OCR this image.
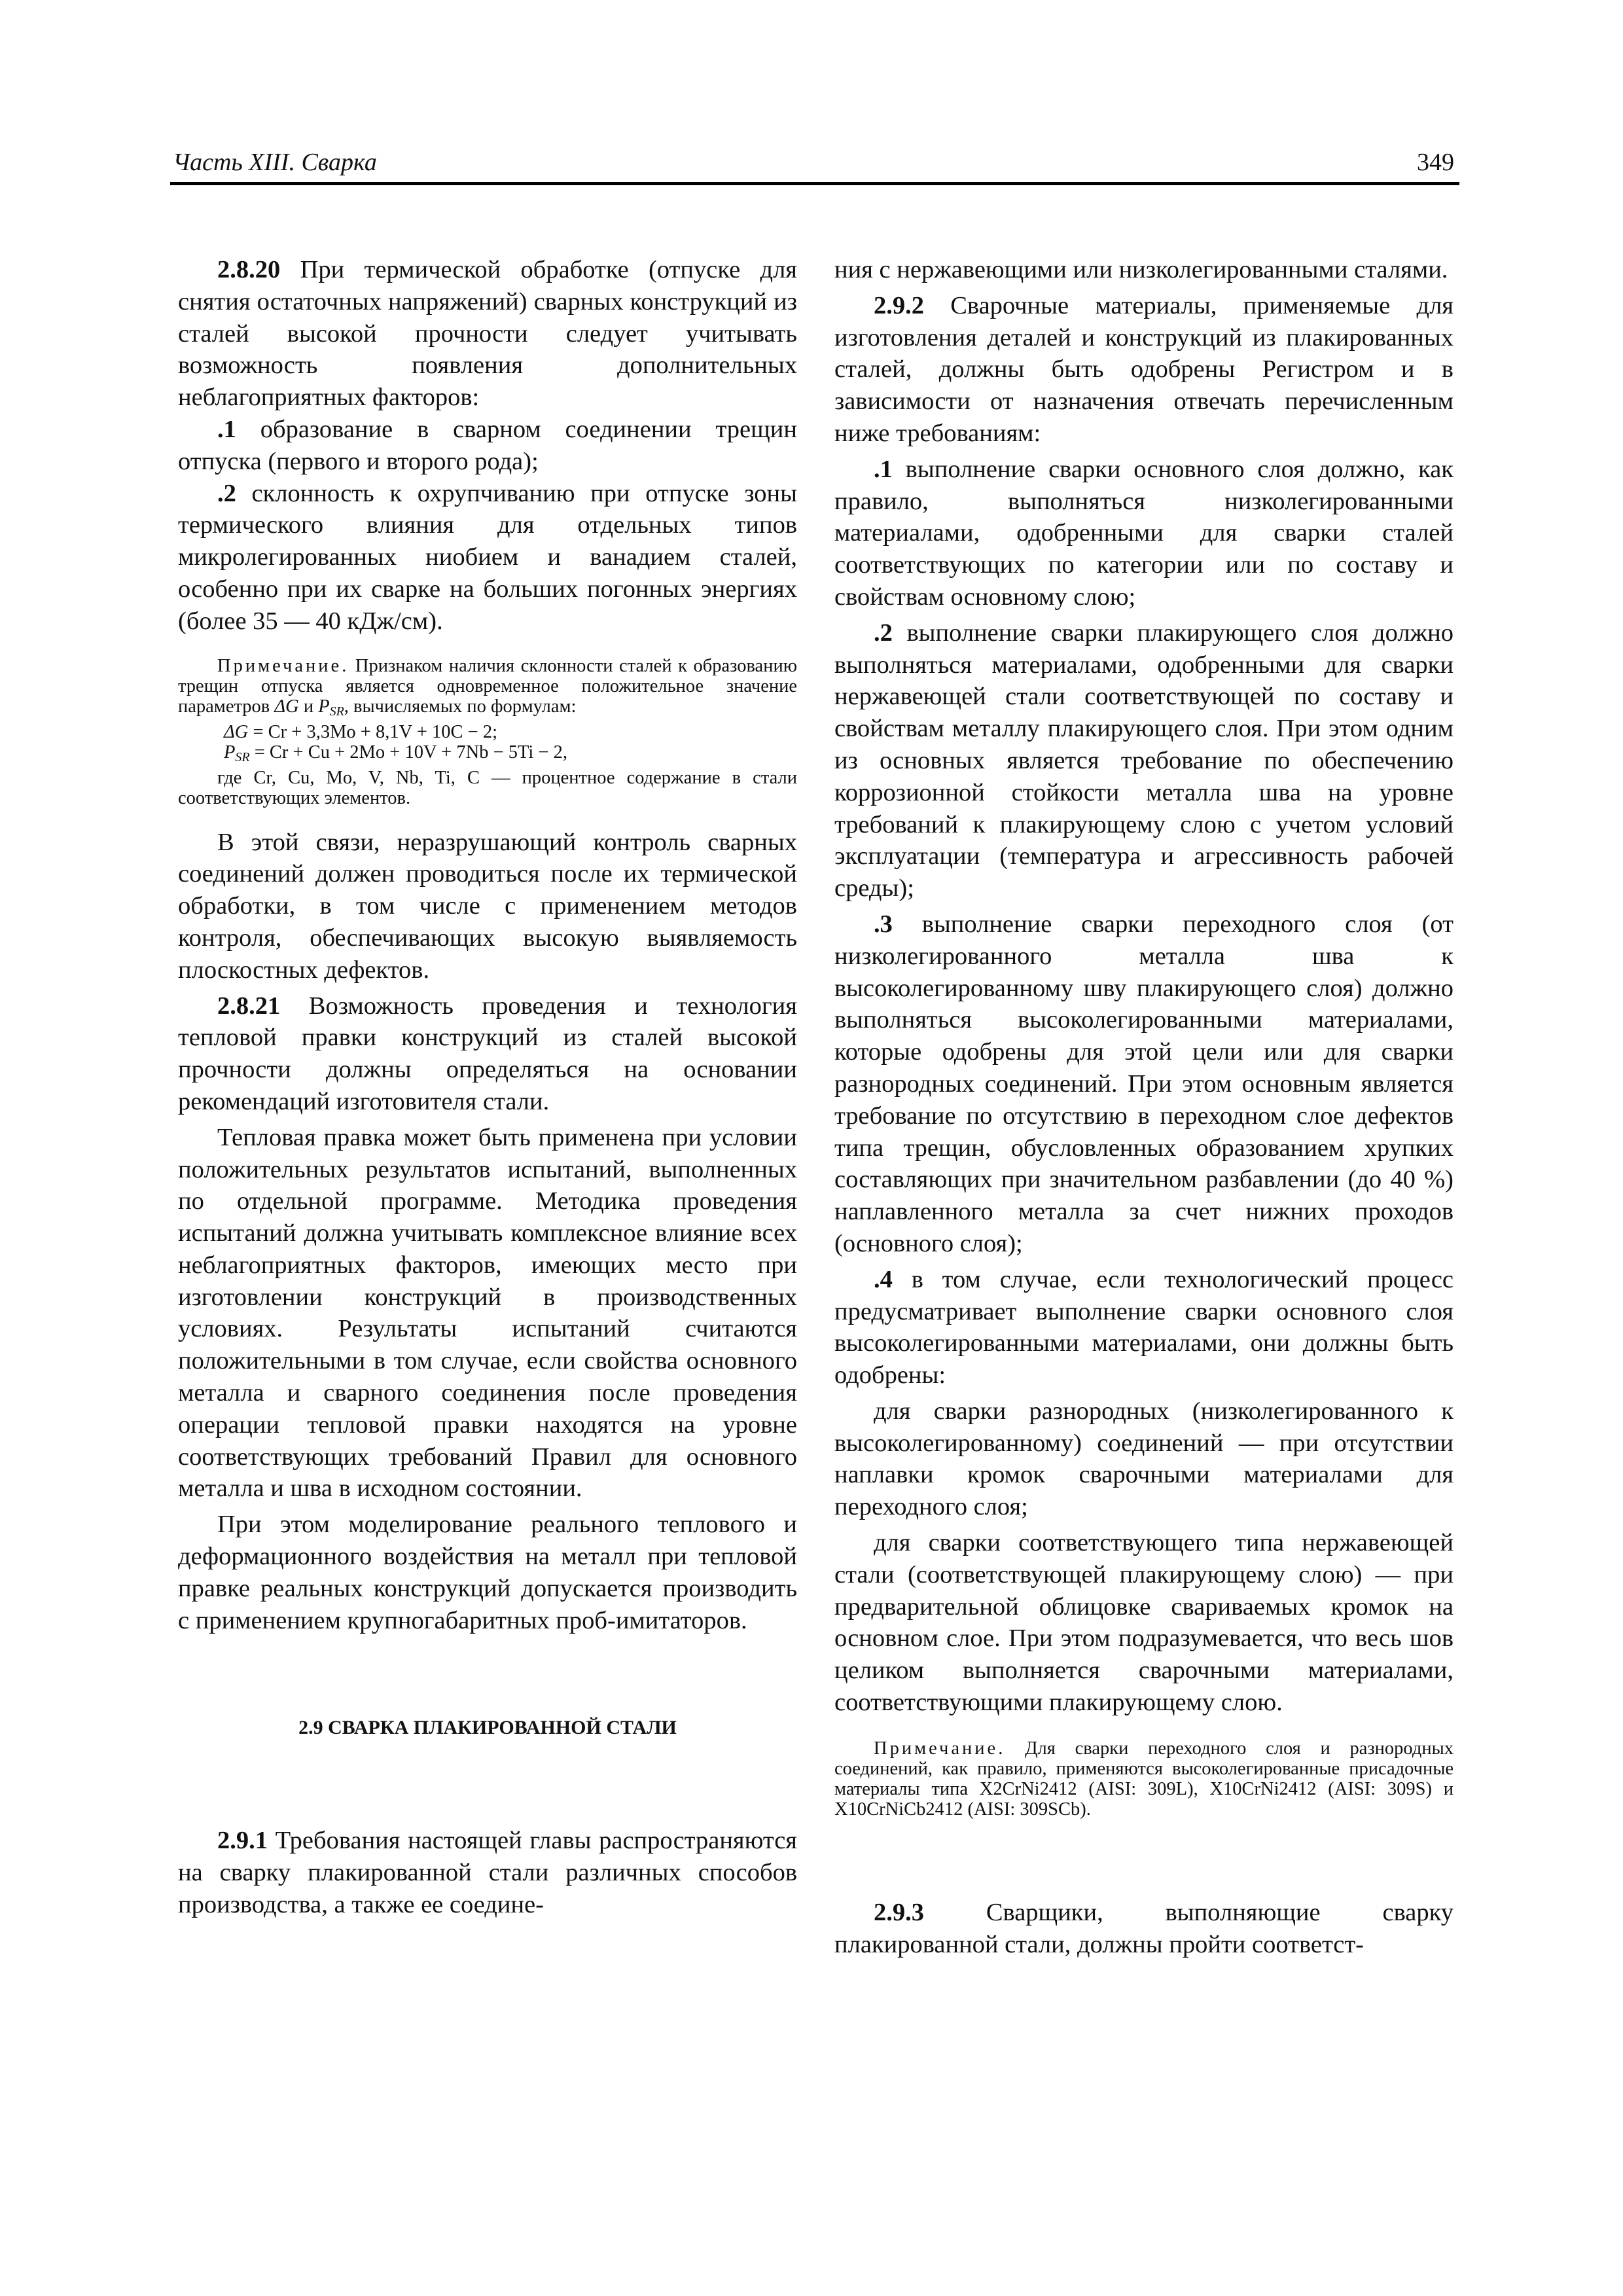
Часть XIII. Сварка	349

2.8.20 При термической обработке (отпуске для снятия остаточных напряжений) сварных конструкций из сталей высокой прочности следует учитывать возможность появления дополнительных неблагоприятных факторов:

.1 образование в сварном соединении трещин отпуска (первого и второго рода);

.2 склонность к охрупчиванию при отпуске зоны термического влияния для отдельных типов микролегированных ниобием и ванадием сталей, особенно при их сварке на больших погонных энергиях (более 35 — 40 кДж/см).

Примечание. Признаком наличия склонности сталей к образованию трещин отпуска является одновременное положительное значение параметров ΔG и $P_{SR}$, вычисляемых по формулам:

ΔG = Cr + 3,3Mo + 8,1V + 10C − 2;
$P_{SR} = Cr + Cu + 2Mo + 10V + 7Nb - 5Ti - 2$,

где Cr, Cu, Mo, V, Nb, Ti, C — процентное содержание в стали соответствующих элементов.

В этой связи, неразрушающий контроль сварных соединений должен проводиться после их термической обработки, в том числе с применением методов контроля, обеспечивающих высокую выявляемость плоскостных дефектов.

2.8.21 Возможность проведения и технология тепловой правки конструкций из сталей высокой прочности должны определяться на основании рекомендаций изготовителя стали.

Тепловая правка может быть применена при условии положительных результатов испытаний, выполненных по отдельной программе. Методика проведения испытаний должна учитывать комплексное влияние всех неблагоприятных факторов, имеющих место при изготовлении конструкций в производственных условиях. Результаты испытаний считаются положительными в том случае, если свойства основного металла и сварного соединения после проведения операции тепловой правки находятся на уровне соответствующих требований Правил для основного металла и шва в исходном состоянии.

При этом моделирование реального теплового и деформационного воздействия на металл при тепловой правке реальных конструкций допускается производить с применением крупногабаритных проб-имитаторов.

2.9 СВАРКА ПЛАКИРОВАННОЙ СТАЛИ

2.9.1 Требования настоящей главы распространяются на сварку плакированной стали различных способов производства, а также ее соедине-

ния с нержавеющими или низколегированными сталями.

2.9.2 Сварочные материалы, применяемые для изготовления деталей и конструкций из плакированных сталей, должны быть одобрены Регистром и в зависимости от назначения отвечать перечисленным ниже требованиям:

.1 выполнение сварки основного слоя должно, как правило, выполняться низколегированными материалами, одобренными для сварки сталей соответствующих по категории или по составу и свойствам основному слою;

.2 выполнение сварки плакирующего слоя должно выполняться материалами, одобренными для сварки нержавеющей стали соответствующей по составу и свойствам металлу плакирующего слоя. При этом одним из основных является требование по обеспечению коррозионной стойкости металла шва на уровне требований к плакирующему слою с учетом условий эксплуатации (температура и агрессивность рабочей среды);

.3 выполнение сварки переходного слоя (от низколегированного металла шва к высоколегированному шву плакирующего слоя) должно выполняться высоколегированными материалами, которые одобрены для этой цели или для сварки разнородных соединений. При этом основным является требование по отсутствию в переходном слое дефектов типа трещин, обусловленных образованием хрупких составляющих при значительном разбавлении (до 40 %) наплавленного металла за счет нижних проходов (основного слоя);

.4 в том случае, если технологический процесс предусматривает выполнение сварки основного слоя высоколегированными материалами, они должны быть одобрены:

для сварки разнородных (низколегированного к высоколегированному) соединений — при отсутствии наплавки кромок сварочными материалами для переходного слоя;

для сварки соответствующего типа нержавеющей стали (соответствующей плакирующему слою) — при предварительной облицовке свариваемых кромок на основном слое. При этом подразумевается, что весь шов целиком выполняется сварочными материалами, соответствующими плакирующему слою.

Примечание. Для сварки переходного слоя и разнородных соединений, как правило, применяются высоколегированные присадочные материалы типа X2CrNi2412 (AISI: 309L), X10CrNi2412 (AISI: 309S) и X10CrNiCb2412 (AISI: 309SCb).

2.9.3 Сварщики, выполняющие сварку плакированной стали, должны пройти соответст-
